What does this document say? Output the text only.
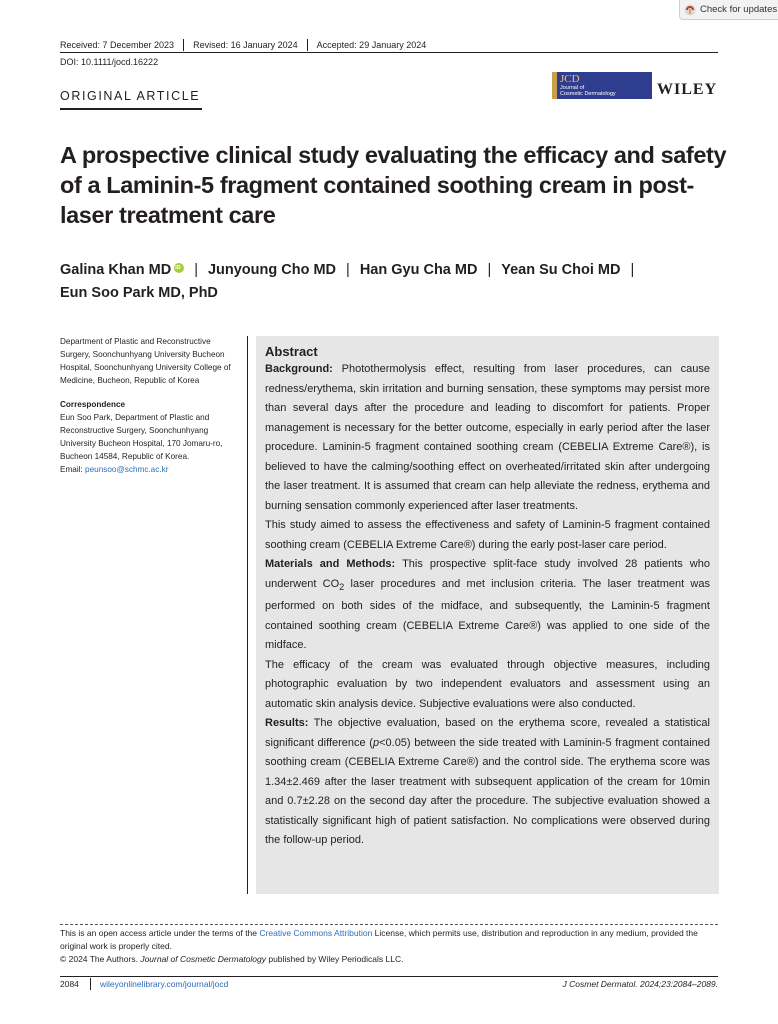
Check for updates
Received: 7 December 2023 Revised: 16 January 2024 Accepted: 29 January 2024
DOI: 10.1111/jocd.16222
ORIGINAL ARTICLE
JCD
Journal of
Cosmetic Dermatology	WILEY
A prospective clinical study evaluating the efficacy and safety of a Laminin-5 fragment contained soothing cream in post-laser treatment care
Galina Khan MD iD | Junyoung Cho MD | Han Gyu Cha MD | Yean Su Choi MD |
Eun Soo Park MD, PhD

Department of Plastic and Reconstructive Surgery, Soonchunhyang University Bucheon Hospital, Soonchunhyang University College of Medicine, Bucheon, Republic of Korea

Correspondence

Eun Soo Park, Department of Plastic and Reconstructive Surgery, Soonchunhyang University Bucheon Hospital, 170 Jomaru-ro, Bucheon 14584, Republic of Korea.

Email: peunsoo@schmc.ac.kr

Abstract

Background: Photothermolysis effect, resulting from laser procedures, can cause redness/erythema, skin irritation and burning sensation, these symptoms may persist more than several days after the procedure and leading to discomfort for patients. Proper management is necessary for the better outcome, especially in early period after the laser procedure. Laminin-5 fragment contained soothing cream (CEBELIA Extreme Care®), is believed to have the calming/soothing effect on overheated/irritated skin after undergoing the laser treatment. It is assumed that cream can help alleviate the redness, erythema and burning sensation commonly experienced after laser treatments.

This study aimed to assess the effectiveness and safety of Laminin-5 fragment contained soothing cream (CEBELIA Extreme Care®) during the early post-laser care period.

Materials and Methods: This prospective split-face study involved 28 patients who underwent $CO_2$ laser procedures and met inclusion criteria. The laser treatment was performed on both sides of the midface, and subsequently, the Laminin-5 fragment contained soothing cream (CEBELIA Extreme Care®) was applied to one side of the midface.

The efficacy of the cream was evaluated through objective measures, including photographic evaluation by two independent evaluators and assessment using an automatic skin analysis device. Subjective evaluations were also conducted.

Results: The objective evaluation, based on the erythema score, revealed a statistical significant difference (p<0.05) between the side treated with Laminin-5 fragment contained soothing cream (CEBELIA Extreme Care®) and the control side. The erythema score was 1.34±2.469 after the laser treatment with subsequent application of the cream for 10min and 0.7±2.28 on the second day after the procedure. The subjective evaluation showed a statistically significant high of patient satisfaction. No complications were observed during the follow-up period.

This is an open access article under the terms of the Creative Commons Attribution License, which permits use, distribution and reproduction in any medium, provided the original work is properly cited.

© 2024 The Authors. Journal of Cosmetic Dermatology published by Wiley Periodicals LLC.

2084 wileyonlinelibrary.com/journal/jocd	J Cosmet Dermatol. 2024;23:2084–2089.
